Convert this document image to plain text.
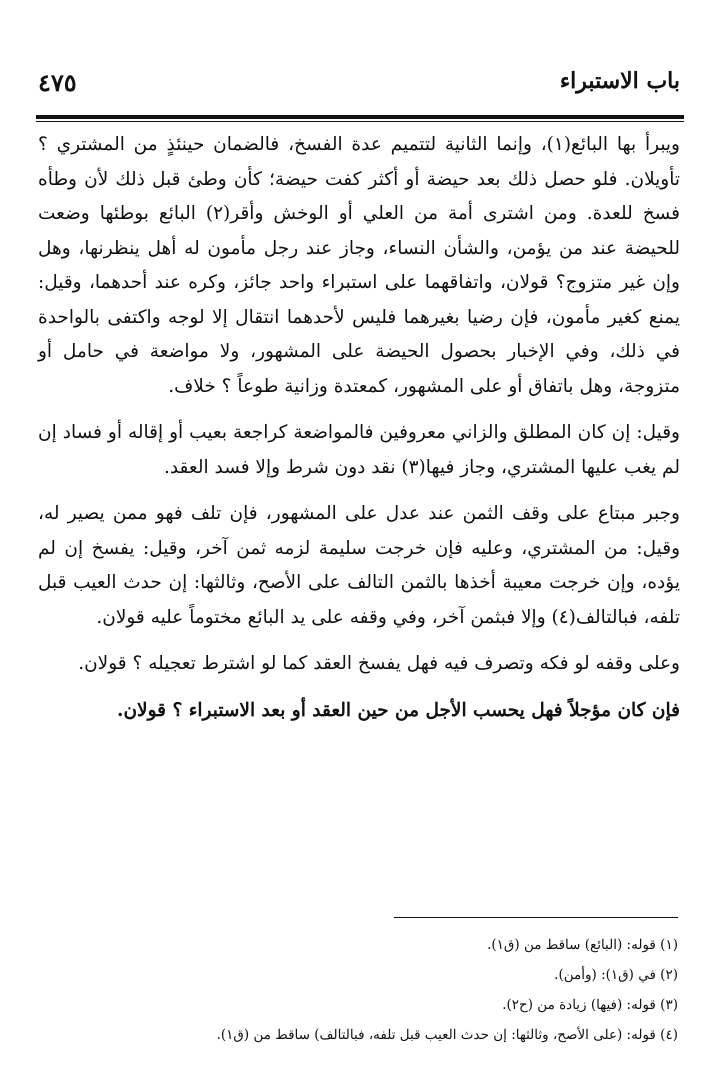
باب الاستبراء
٤٧٥

ويبرأ بها البائع(١)، وإنما الثانية لتتميم عدة الفسخ، فالضمان حينئذٍ من المشتري ؟ تأويلان. فلو حصل ذلك بعد حيضة أو أكثر كفت حيضة؛ كأن وطئ قبل ذلك لأن وطأه فسخ للعدة. ومن اشترى أمة من العلي أو الوخش وأقر(٢) البائع بوطئها وضعت للحيضة عند من يؤمن، والشأن النساء، وجاز عند رجل مأمون له أهل ينظرنها، وهل وإن غير متزوج؟ قولان، واتفاقهما على استبراء واحد جائز، وكره عند أحدهما، وقيل: يمنع كغير مأمون، فإن رضيا بغيرهما فليس لأحدهما انتقال إلا لوجه واكتفى بالواحدة في ذلك، وفي الإخبار بحصول الحيضة على المشهور، ولا مواضعة في حامل أو متزوجة، وهل باتفاق أو على المشهور، كمعتدة وزانية طوعاً ؟ خلاف.

وقيل: إن كان المطلق والزاني معروفين فالمواضعة كراجعة بعيب أو إقاله أو فساد إن لم يغب عليها المشتري، وجاز فيها(٣) نقد دون شرط وإلا فسد العقد.

وجبر مبتاع على وقف الثمن عند عدل على المشهور، فإن تلف فهو ممن يصير له، وقيل: من المشتري، وعليه فإن خرجت سليمة لزمه ثمن آخر، وقيل: يفسخ إن لم يؤده، وإن خرجت معيبة أخذها بالثمن التالف على الأصح، وثالثها: إن حدث العيب قبل تلفه، فبالتالف(٤) وإلا فبثمن آخر، وفي وقفه على يد البائع مختوماً عليه قولان.

وعلى وقفه لو فكه وتصرف فيه فهل يفسخ العقد كما لو اشترط تعجيله ؟ قولان.

فإن كان مؤجلاً فهل يحسب الأجل من حين العقد أو بعد الاستبراء ؟ قولان.

(١) قوله: (البائع) ساقط من (ق١).

(٢) في (ق١): (وأمن).

(٣) قوله: (فيها) زيادة من (ح٢).

(٤) قوله: (على الأصح، وثالثها: إن حدث العيب قبل تلفه، فبالتالف) ساقط من (ق١).
